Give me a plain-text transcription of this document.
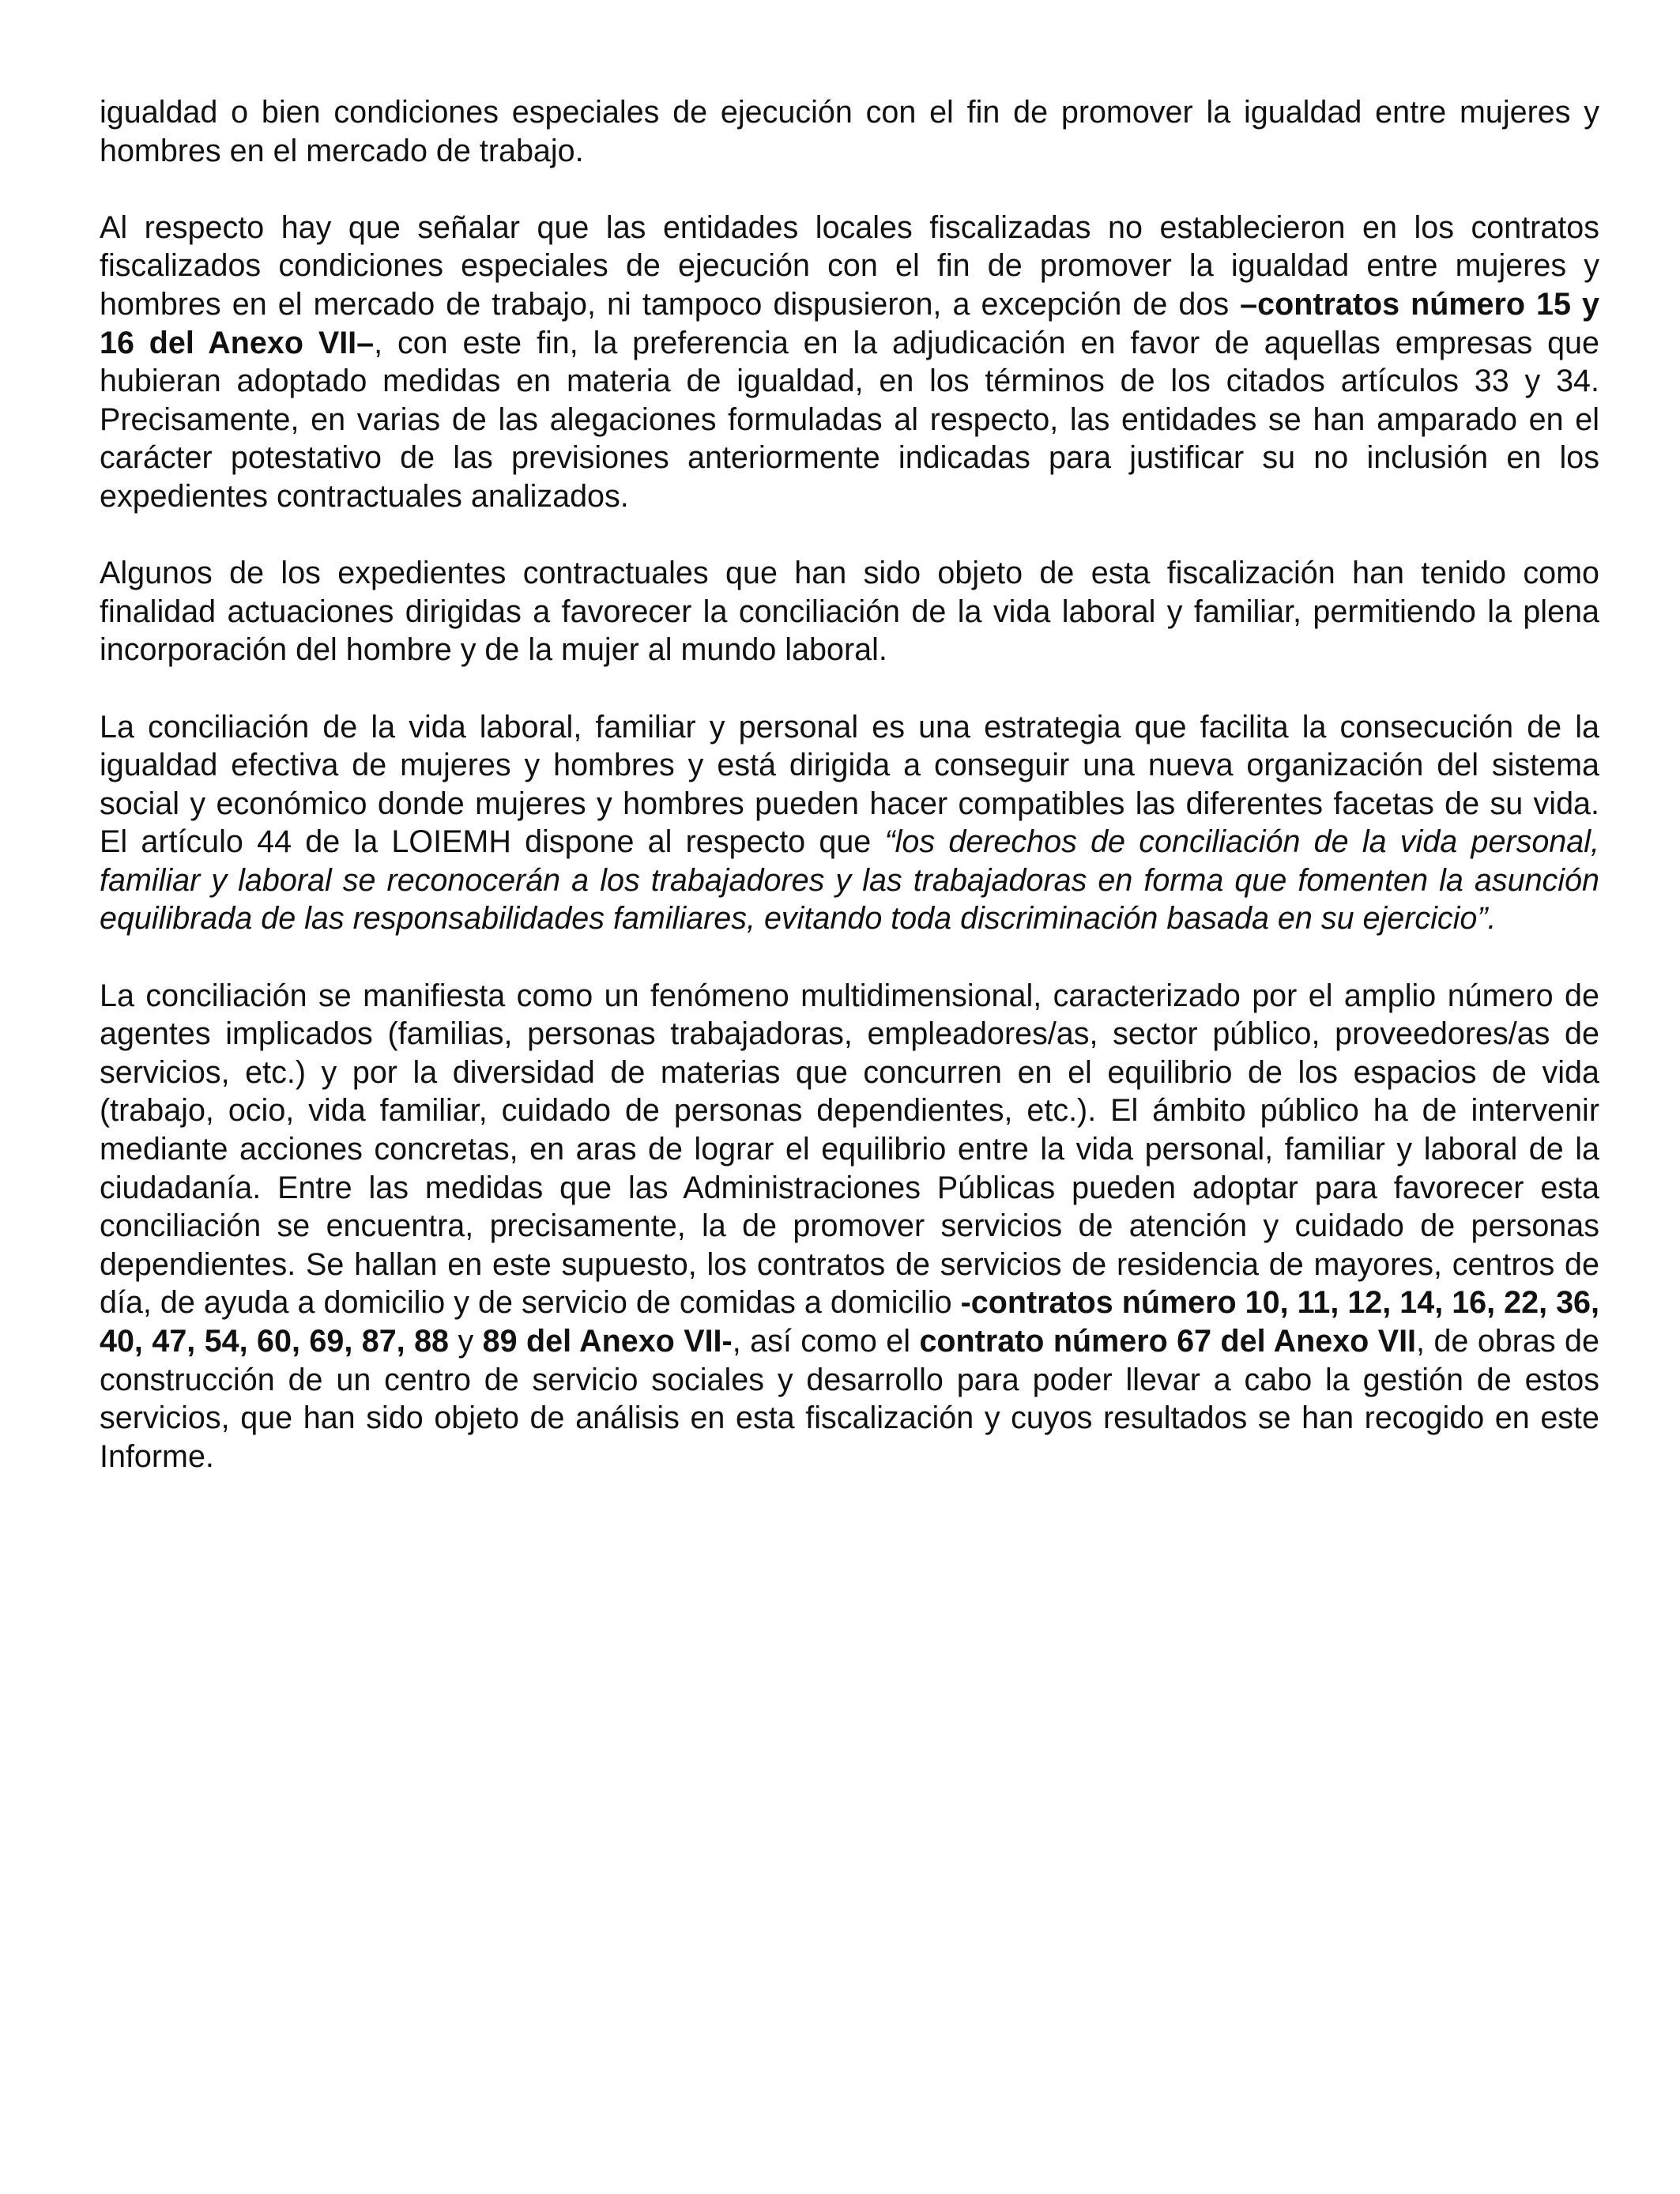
igualdad o bien condiciones especiales de ejecución con el fin de promover la igualdad entre mujeres y hombres en el mercado de trabajo.

Al respecto hay que señalar que las entidades locales fiscalizadas no establecieron en los contratos fiscalizados condiciones especiales de ejecución con el fin de promover la igualdad entre mujeres y hombres en el mercado de trabajo, ni tampoco dispusieron, a excepción de dos –contratos número 15 y 16 del Anexo VII–, con este fin, la preferencia en la adjudicación en favor de aquellas empresas que hubieran adoptado medidas en materia de igualdad, en los términos de los citados artículos 33 y 34. Precisamente, en varias de las alegaciones formuladas al respecto, las entidades se han amparado en el carácter potestativo de las previsiones anteriormente indicadas para justificar su no inclusión en los expedientes contractuales analizados.

Algunos de los expedientes contractuales que han sido objeto de esta fiscalización han tenido como finalidad actuaciones dirigidas a favorecer la conciliación de la vida laboral y familiar, permitiendo la plena incorporación del hombre y de la mujer al mundo laboral.

La conciliación de la vida laboral, familiar y personal es una estrategia que facilita la consecución de la igualdad efectiva de mujeres y hombres y está dirigida a conseguir una nueva organización del sistema social y económico donde mujeres y hombres pueden hacer compatibles las diferentes facetas de su vida. El artículo 44 de la LOIEMH dispone al respecto que “los derechos de conciliación de la vida personal, familiar y laboral se reconocerán a los trabajadores y las trabajadoras en forma que fomenten la asunción equilibrada de las responsabilidades familiares, evitando toda discriminación basada en su ejercicio”.

La conciliación se manifiesta como un fenómeno multidimensional, caracterizado por el amplio número de agentes implicados (familias, personas trabajadoras, empleadores/as, sector público, proveedores/as de servicios, etc.) y por la diversidad de materias que concurren en el equilibrio de los espacios de vida (trabajo, ocio, vida familiar, cuidado de personas dependientes, etc.). El ámbito público ha de intervenir mediante acciones concretas, en aras de lograr el equilibrio entre la vida personal, familiar y laboral de la ciudadanía. Entre las medidas que las Administraciones Públicas pueden adoptar para favorecer esta conciliación se encuentra, precisamente, la de promover servicios de atención y cuidado de personas dependientes. Se hallan en este supuesto, los contratos de servicios de residencia de mayores, centros de día, de ayuda a domicilio y de servicio de comidas a domicilio -contratos número 10, 11, 12, 14, 16, 22, 36, 40, 47, 54, 60, 69, 87, 88 y 89 del Anexo VII-, así como el contrato número 67 del Anexo VII, de obras de construcción de un centro de servicio sociales y desarrollo para poder llevar a cabo la gestión de estos servicios, que han sido objeto de análisis en esta fiscalización y cuyos resultados se han recogido en este Informe.
